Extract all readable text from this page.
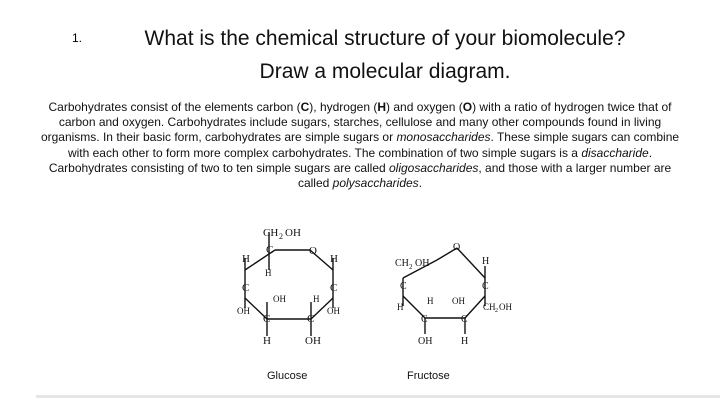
1.	What is the chemical structure of your biomolecule?
Draw a molecular diagram.
Carbohydrates consist of the elements carbon (C), hydrogen (H) and oxygen (O) with a ratio of hydrogen twice that of carbon and oxygen. Carbohydrates include sugars, starches, cellulose and many other compounds found in living organisms. In their basic form, carbohydrates are simple sugars or monosaccharides. These simple sugars can combine with each other to form more complex carbohydrates. The combination of two simple sugars is a disaccharide. Carbohydrates consisting of two to ten simple sugars are called oligosaccharides, and those with a larger number are called polysaccharides.
CH 2 OH
C	O
H
H
H
C	C
OH	H
OH	OH
C	C
H	OH
Glucose
CH 2 OH
O
H
C	C
H
H OH
CH 2 OH
C	C
OH	H
Fructose
